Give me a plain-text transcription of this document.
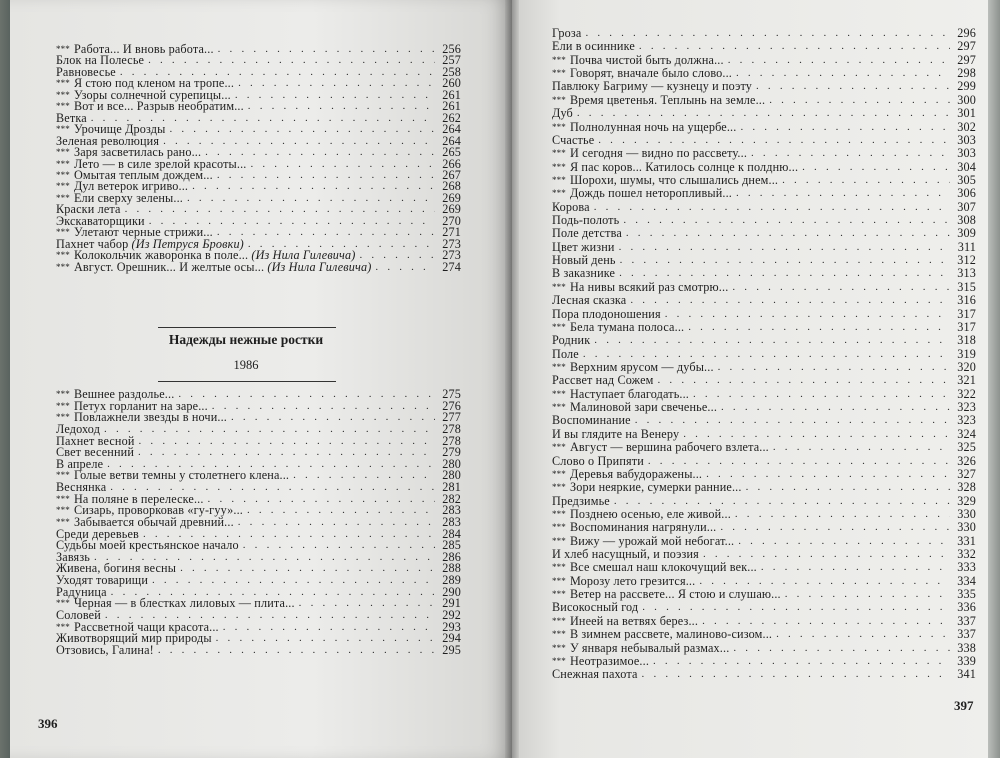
*** Работа... И вновь работа... . . .	256
Блок на Полесье . . .	257
Равновесье . . .	258
*** Я стою под кленом на тропе... . . .	260
*** Узоры солнечной сурепицы... . . .	261
*** Вот и все... Разрыв необратим... . . .	261
Ветка . . .	262
*** Урочище Дрозды . . .	264
Зеленая революция . . .	264
*** Заря засветилась рано... . . .	265
*** Лето — в силе зрелой красоты... . . .	266
*** Омытая теплым дождем... . . .	267
*** Дул ветерок игриво... . . .	268
*** Ели сверху зелены... . . .	269
Краски лета . . .	269
Экскаваторщики . . .	270
*** Улетают черные стрижи... . . .	271
Пахнет чабор (Из Петруся Бровки) . . .	273
*** Колокольчик жаворонка в поле... (Из Нила Гилевича) . . .	273
*** Август. Орешник... И желтые осы... (Из Нила Гилевича) . . .	274
Надежды нежные ростки
1986
*** Вешнее раздолье... . . .	275
*** Петух горланит на заре... . . .	276
*** Повлажнели звезды в ночи... . . .	277
Ледоход . . .	278
Пахнет весной . . .	278
Свет весенний . . .	279
В апреле . . .	280
*** Голые ветви темны у столетнего клена... . . .	280
Веснянка . . .	281
*** На поляне в перелеске... . . .	282
*** Сизарь, проворковав «гу-гуу»... . . .	283
*** Забывается обычай древний... . . .	283
Среди деревьев . . .	284
Судьбы моей крестьянское начало . . .	285
Завязь . . .	286
Живена, богиня весны . . .	288
Уходят товарищи . . .	289
Радуница . . .	290
*** Черная — в блестках лиловых — плита... . . .	291
Соловей . . .	292
*** Рассветной чащи красота... . . .	293
Животворящий мир природы . . .	294
Отзовись, Галина! . . .	295
396
Гроза . . .	296
Ели в осиннике . . .	297
*** Почва чистой быть должна... . . .	297
*** Говорят, вначале было слово... . . .	298
Павлюку Багриму — кузнецу и поэту . . .	299
*** Время цветенья. Теплынь на земле... . . .	300
Дуб . . .	301
*** Полнолунная ночь на ущербе... . . .	302
Счастье . . .	303
*** И сегодня — видно по рассвету... . . .	303
*** Я пас коров... Катилось солнце к полдню... . . .	304
*** Шорохи, шумы, что слышались днем... . . .	305
*** Дождь пошел неторопливый... . . .	306
Корова . . .	307
Подь-полоть . . .	308
Поле детства . . .	309
Цвет жизни . . .	311
Новый день . . .	312
В заказнике . . .	313
*** На нивы всякий раз смотрю... . . .	315
Лесная сказка . . .	316
Пора плодоношения . . .	317
*** Бела тумана полоса... . . .	317
Родник . . .	318
Поле . . .	319
*** Верхним ярусом — дубы... . . .	320
Рассвет над Сожем . . .	321
*** Наступает благодать... . . .	322
*** Малиновой зари свеченье... . . .	323
Воспоминание . . .	323
И вы глядите на Венеру . . .	324
*** Август — вершина рабочего взлета... . . .	325
Слово о Припяти . . .	326
*** Деревья вабудоражены... . . .	327
*** Зори неяркие, сумерки ранние... . . .	328
Предзимье . . .	329
*** Позднею осенью, еле живой... . . .	330
*** Воспоминания нагрянули... . . .	330
*** Вижу — урожай мой небогат... . . .	331
И хлеб насущный, и поэзия . . .	332
*** Все смешал наш клокочущий век... . . .	333
*** Морозу лето грезится... . . .	334
*** Ветер на рассвете... Я стою и слушаю... . . .	335
Високосный год . . .	336
*** Инеей на ветвях берез... . . .	337
*** В зимнем рассвете, малиново-сизом... . . .	337
*** У января небывалый размах... . . .	338
*** Неотразимое... . . .	339
Снежная пахота . . .	341
397
